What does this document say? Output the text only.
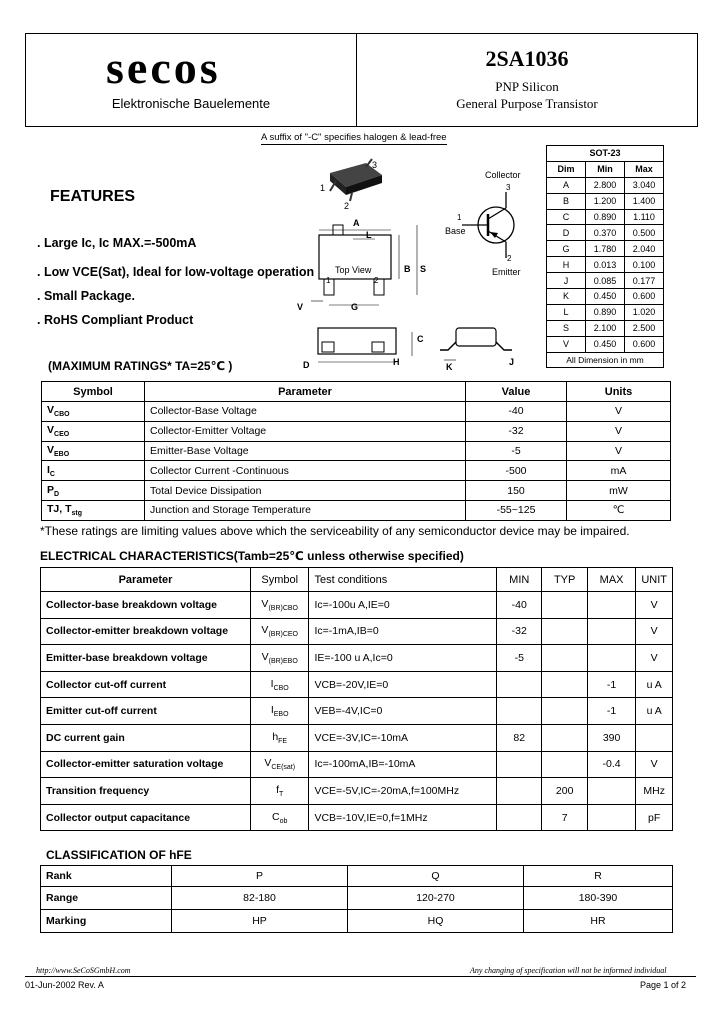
secos
Elektronische Bauelemente
2SA1036
PNP Silicon
General Purpose Transistor
A suffix of "-C" specifies halogen & lead-free
FEATURES
. Large Ic, Ic MAX.=-500mA
. Low VCE(Sat), Ideal for low-voltage operation
. Small Package.
. RoHS Compliant Product
3
1
2
Collector
3
1
Base
2
Emitter
A
L
B S
Top View
1	2
V	G
D
C
H	K	J
SOT-23		
Dim	Min	Max
A	2.800	3.040
B	1.200	1.400
C	0.890	1.110
D	0.370	0.500
G	1.780	2.040
H	0.013	0.100
J	0.085	0.177
K	0.450	0.600
L	0.890	1.020
S	2.100	2.500
V	0.450	0.600
All Dimension in mm		
(MAXIMUM RATINGS* TA=25℃ )
Symbol	Parameter	Value	Units
$V_{CBO}$	Collector-Base Voltage	-40	V
$V_{CEO}$	Collector-Emitter Voltage	-32	V
$V_{EBO}$	Emitter-Base Voltage	-5	V
$I_C$	Collector Current -Continuous	-500	mA
$P_D$	Total Device Dissipation	150	mW
TJ, $T_{stg}$	Junction and Storage Temperature	-55~125	℃
*These ratings are limiting values above which the serviceability of any semiconductor device may be impaired.
ELECTRICAL CHARACTERISTICS(Tamb=25℃ unless otherwise specified)
Parameter	Symbol	Test conditions	MIN	TYP	MAX	UNIT
Collector-base breakdown voltage	$V_{(BR)CBO}$	Ic=-100u A,IE=0	-40			V
Collector-emitter breakdown voltage	$V_{(BR)CEO}$	Ic=-1mA,IB=0	-32			V
Emitter-base breakdown voltage	$V_{(BR)EBO}$	IE=-100 u A,Ic=0	-5			V
Collector cut-off current	$I_{CBO}$	VCB=-20V,IE=0			-1	u A
Emitter cut-off current	$I_{EBO}$	VEB=-4V,IC=0			-1	u A
DC current gain	$h_{FE}$	VCE=-3V,IC=-10mA	82		390	
Collector-emitter saturation voltage	$V_{CE(sat)}$	Ic=-100mA,IB=-10mA			-0.4	V
Transition frequency	$f_T$	VCE=-5V,IC=-20mA,f=100MHz		200		MHz
Collector output capacitance	$C_{ob}$	VCB=-10V,IE=0,f=1MHz		7		pF
CLASSIFICATION OF hFE
Rank	P	Q	R
Range	82-180	120-270	180-390
Marking	HP	HQ	HR
http://www.SeCoSGmbH.com	Any changing of specification will not be informed individual
01-Jun-2002 Rev. A	Page 1 of 2
